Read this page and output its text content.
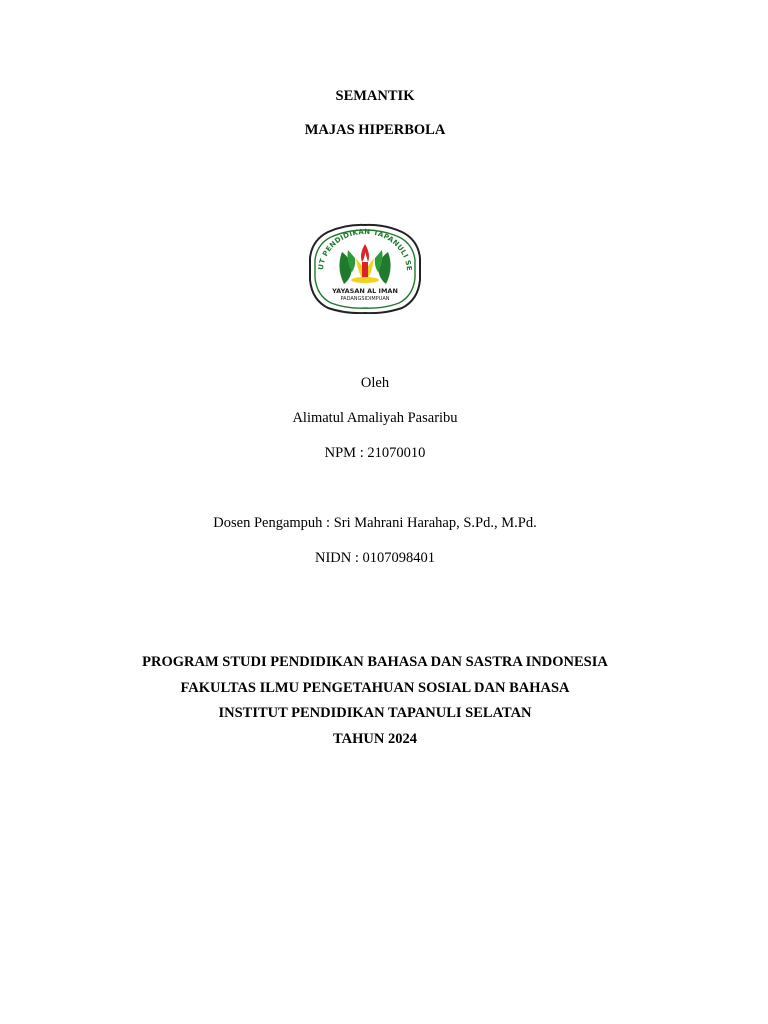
SEMANTIK
MAJAS HIPERBOLA
UT PENDIDIKAN TAPANULI SE
YAYASAN AL IMAN
PADANGSIDIMPUAN
Oleh
Alimatul Amaliyah Pasaribu
NPM : 21070010
Dosen Pengampuh : Sri Mahrani Harahap, S.Pd., M.Pd.
NIDN : 0107098401
PROGRAM STUDI PENDIDIKAN BAHASA DAN SASTRA INDONESIA
FAKULTAS ILMU PENGETAHUAN SOSIAL DAN BAHASA
INSTITUT PENDIDIKAN TAPANULI SELATAN
TAHUN 2024
